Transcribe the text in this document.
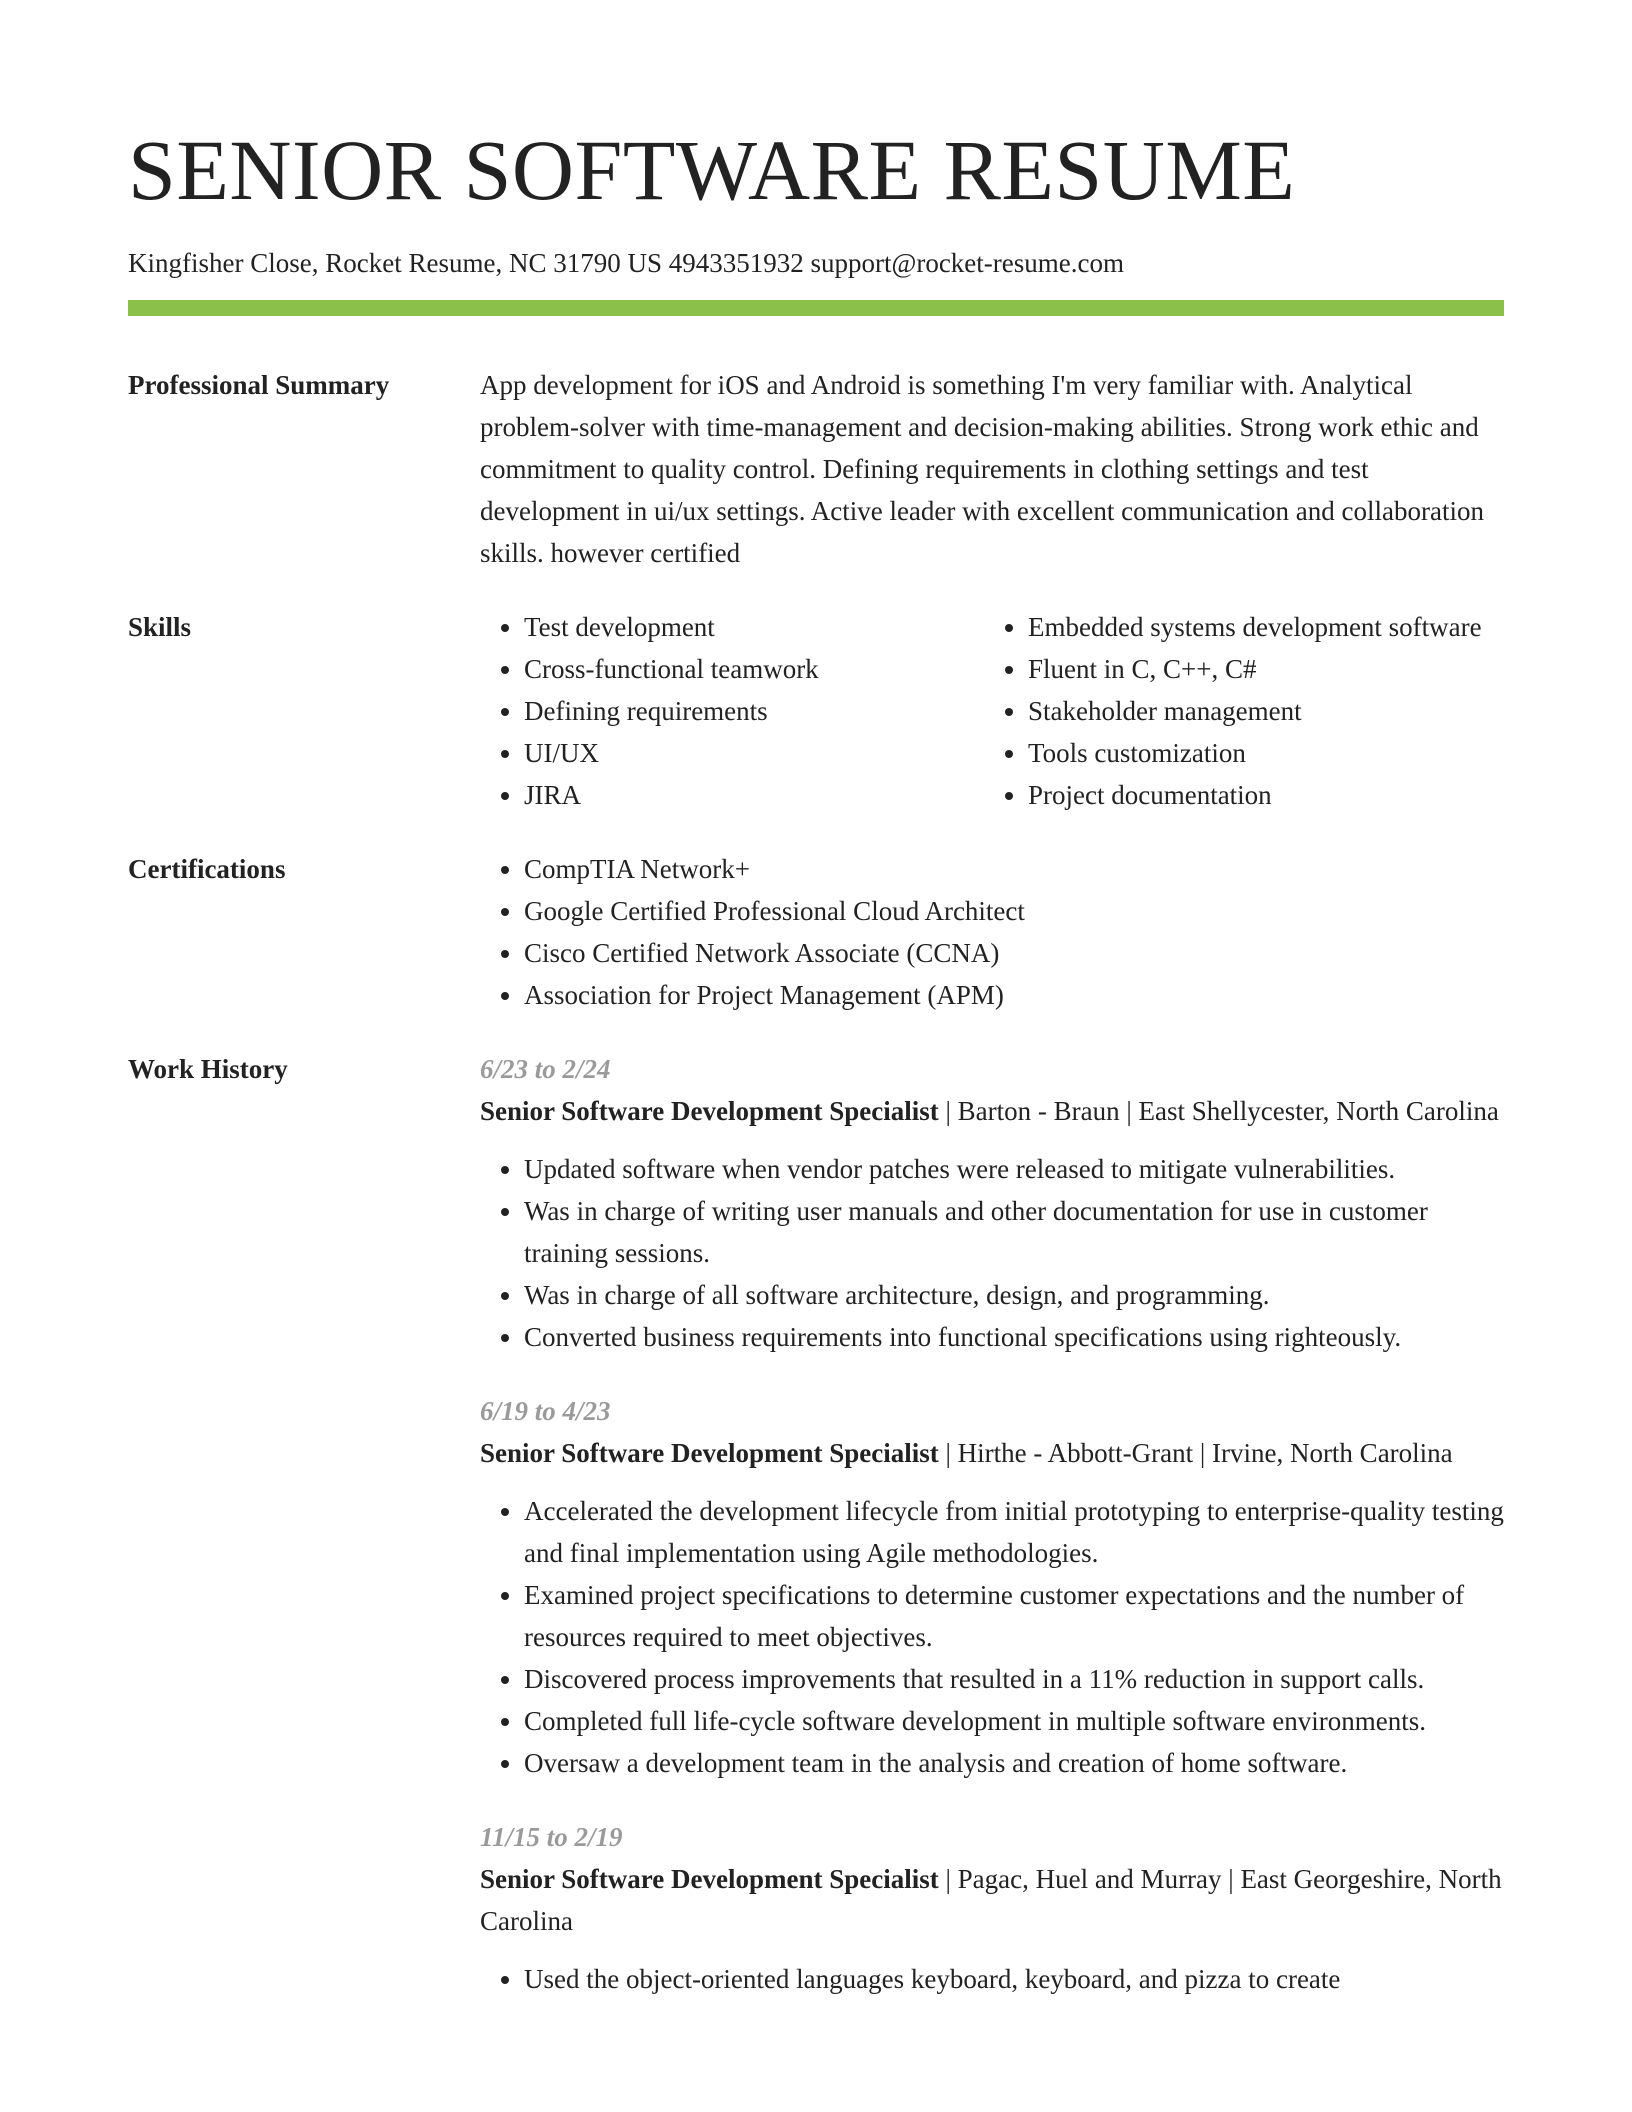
SENIOR SOFTWARE RESUME
Kingfisher Close, Rocket Resume, NC 31790 US 4943351932 support@rocket-resume.com
Professional Summary	App development for iOS and Android is something I'm very familiar with. Analytical problem-solver with time-management and decision-making abilities. Strong work ethic and commitment to quality control. Defining requirements in clothing settings and test development in ui/ux settings. Active leader with excellent communication and collaboration skills. however certified
Skills	• Test development
• Cross-functional teamwork
• Defining requirements
• UI/UX
• JIRA
• Embedded systems development software
• Fluent in C, C++, C#
• Stakeholder management
• Tools customization
• Project documentation
Certifications	• CompTIA Network+
• Google Certified Professional Cloud Architect
• Cisco Certified Network Associate (CCNA)
• Association for Project Management (APM)
Work History	6/23 to 2/24
Senior Software Development Specialist | Barton - Braun | East Shellycester, North Carolina
• Updated software when vendor patches were released to mitigate vulnerabilities.
• Was in charge of writing user manuals and other documentation for use in customer training sessions.
• Was in charge of all software architecture, design, and programming.
• Converted business requirements into functional specifications using righteously.
6/19 to 4/23
Senior Software Development Specialist | Hirthe - Abbott-Grant | Irvine, North Carolina
• Accelerated the development lifecycle from initial prototyping to enterprise-quality testing and final implementation using Agile methodologies.
• Examined project specifications to determine customer expectations and the number of resources required to meet objectives.
• Discovered process improvements that resulted in a 11% reduction in support calls.
• Completed full life-cycle software development in multiple software environments.
• Oversaw a development team in the analysis and creation of home software.
11/15 to 2/19
Senior Software Development Specialist | Pagac, Huel and Murray | East Georgeshire, North Carolina
• Used the object-oriented languages keyboard, keyboard, and pizza to create
